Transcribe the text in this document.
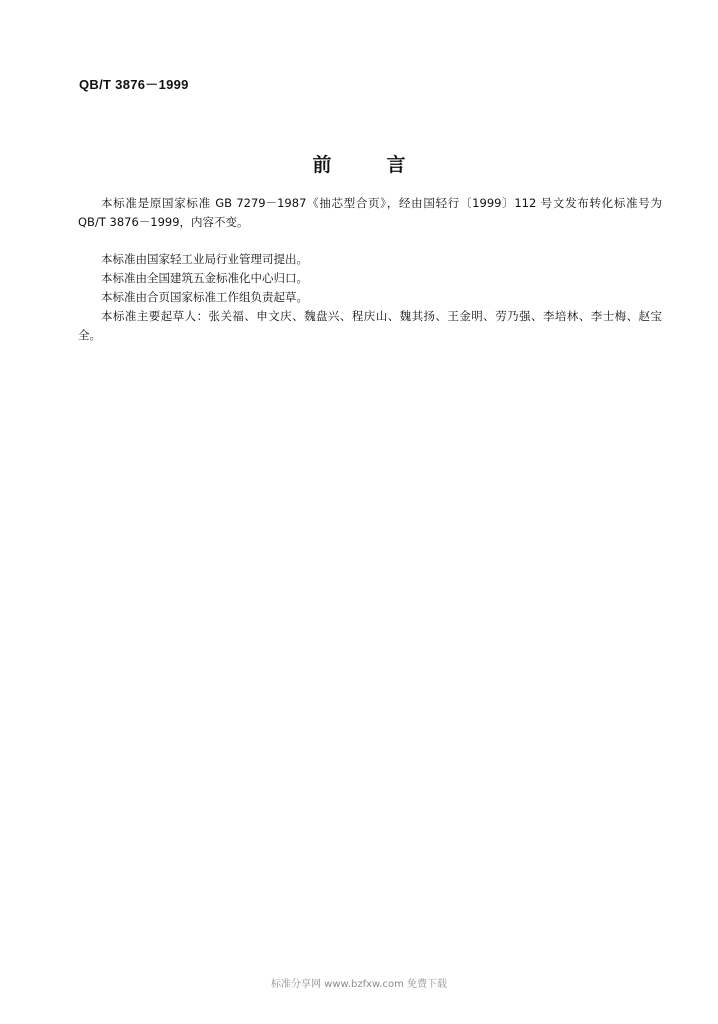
QB/T 3876－1999
前　言

本标准是原国家标准 GB 7279－1987《抽芯型合页》，经由国轻行〔1999〕112 号文发布转化标准号为 QB/T 3876－1999，内容不变。

本标准由国家轻工业局行业管理司提出。

本标准由全国建筑五金标准化中心归口。

本标准由合页国家标准工作组负责起草。

本标准主要起草人：张关福、申文庆、魏盘兴、程庆山、魏其扬、王金明、劳乃强、李培林、李士梅、赵宝全。

标准分享网 www.bzfxw.com 免费下载
